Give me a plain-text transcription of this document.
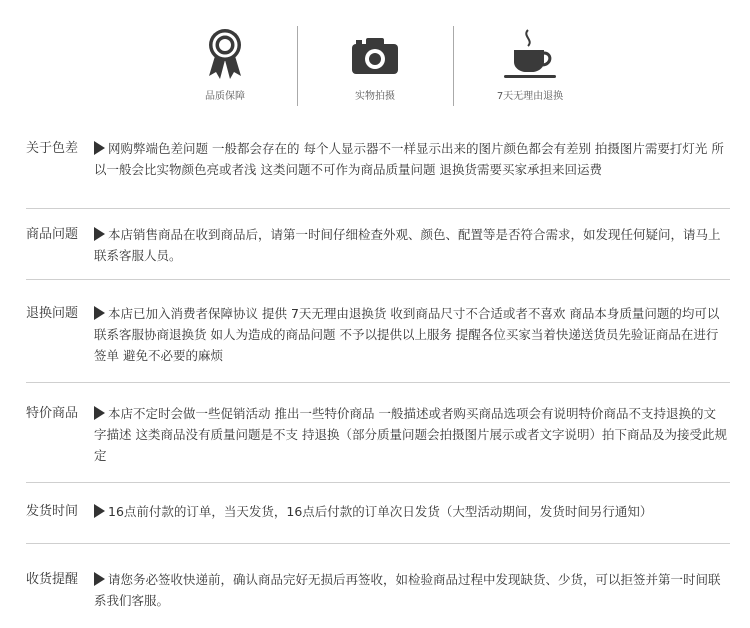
品质保障	实物拍摄	7天无理由退换
关于色差	网购弊端色差问题 一般都会存在的 每个人显示器不一样显示出来的图片颜色都会有差别 拍摄图片需要打灯光 所以一般会比实物颜色亮或者浅 这类问题不可作为商品质量问题 退换货需要买家承担来回运费
商品问题	本店销售商品在收到商品后，请第一时间仔细检查外观、颜色、配置等是否符合需求，如发现任何疑问，请马上联系客服人员。
退换问题	本店已加入消费者保障协议 提供 7天无理由退换货 收到商品尺寸不合适或者不喜欢 商品本身质量问题的均可以联系客服协商退换货 如人为造成的商品问题 不予以提供以上服务 提醒各位买家当着快递送货员先验证商品在进行签单 避免不必要的麻烦
特价商品	本店不定时会做一些促销活动 推出一些特价商品 一般描述或者购买商品选项会有说明特价商品不支持退换的文字描述 这类商品没有质量问题是不支 持退换（部分质量问题会拍摄图片展示或者文字说明）拍下商品及为接受此规定
发货时间	16点前付款的订单，当天发货，16点后付款的订单次日发货（大型活动期间，发货时间另行通知）
收货提醒	请您务必签收快递前，确认商品完好无损后再签收，如检验商品过程中发现缺货、少货，可以拒签并第一时间联系我们客服。
